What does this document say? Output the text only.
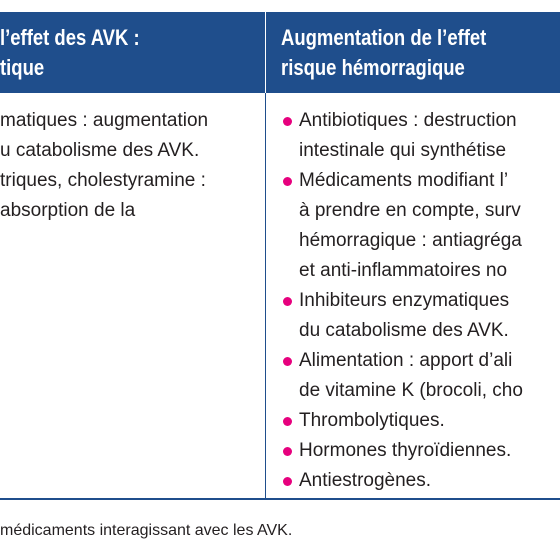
l’effet des AVK :
tique
Augmentation de l’effet
risque hémorragique
matiques : augmentation
u catabolisme des AVK.
triques, cholestyramine :
absorption de la
Antibiotiques : destruction
intestinale qui synthétise
Médicaments modifiant l’
à prendre en compte, surv
hémorragique : antiagréga
et anti-inflammatoires no
Inhibiteurs enzymatiques
du catabolisme des AVK.
Alimentation : apport d’ali
de vitamine K (brocoli, cho
Thrombolytiques.
Hormones thyroïdiennes.
Antiestrogènes.
médicaments interagissant avec les AVK.
